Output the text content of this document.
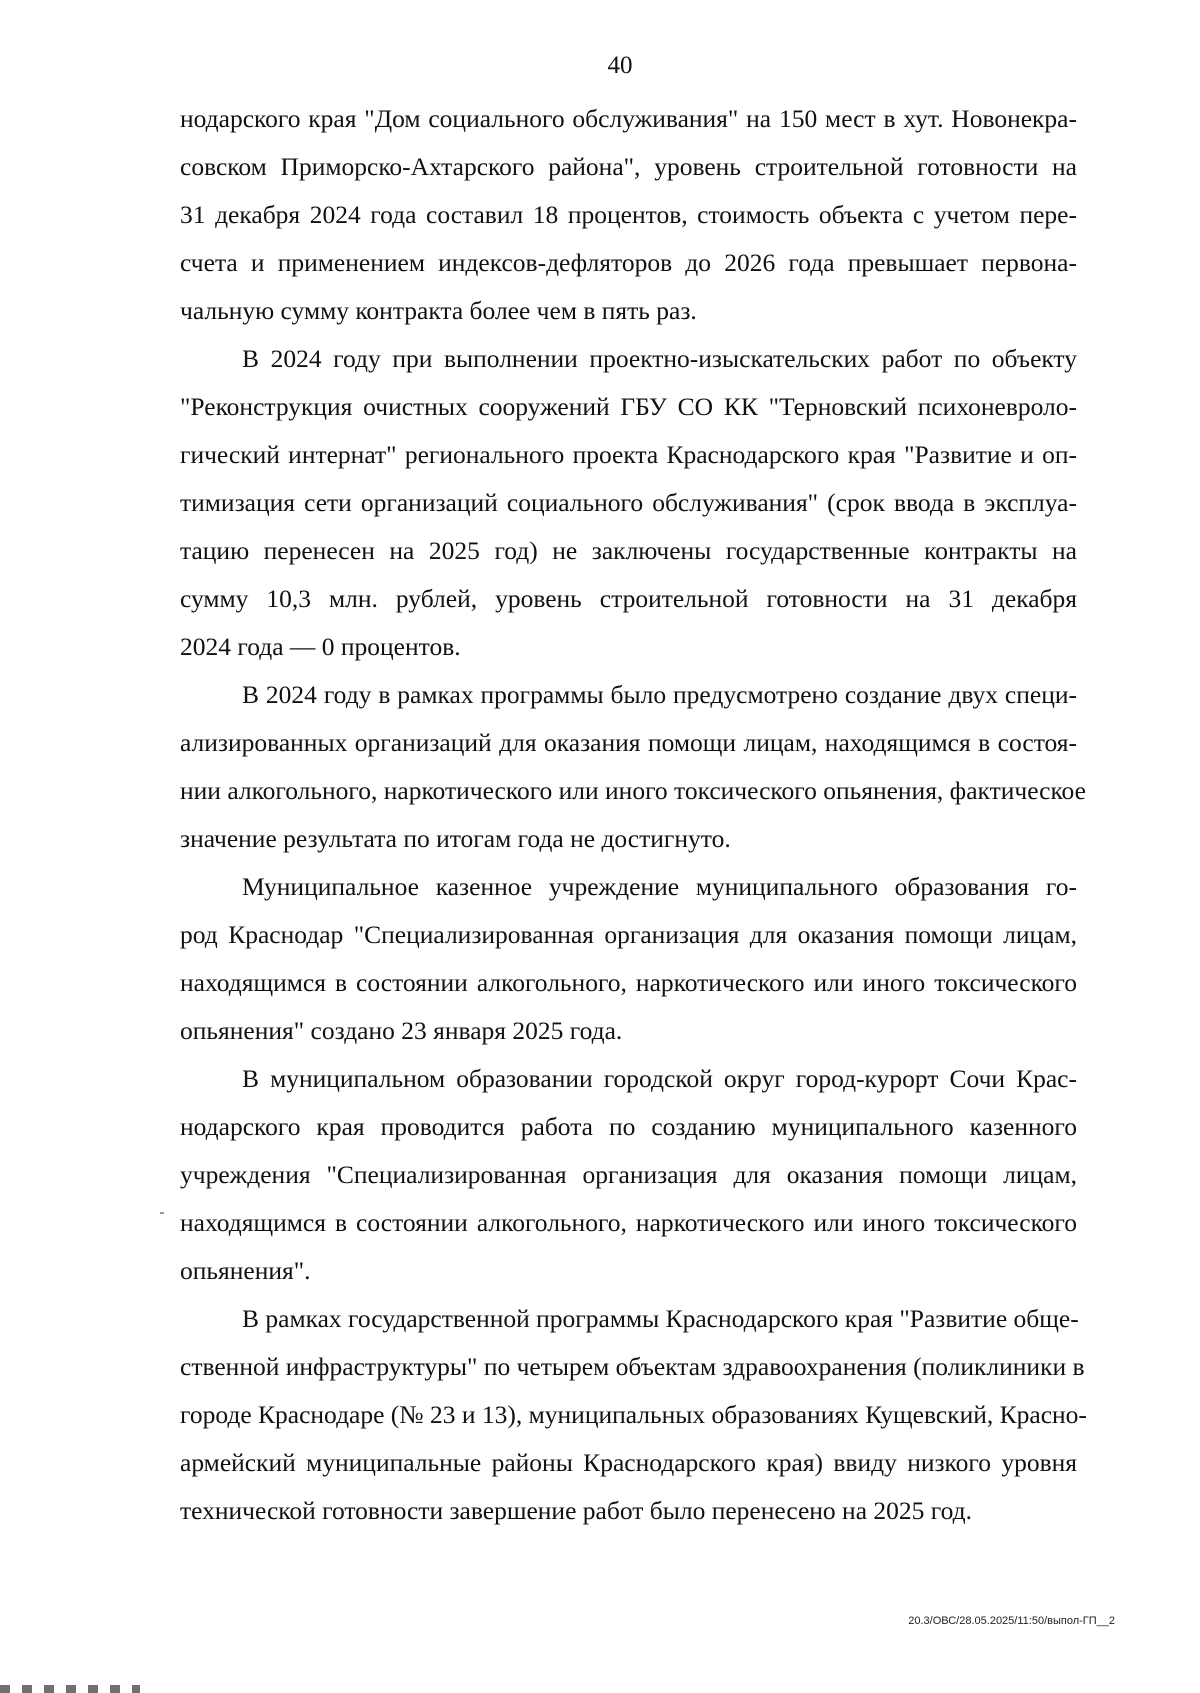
40
нодарского края "Дом социального обслуживания" на 150 мест в хут. Новонекра-
совском Приморско-Ахтарского района", уровень строительной готовности на
31 декабря 2024 года составил 18 процентов, стоимость объекта с учетом пере-
счета и применением индексов-дефляторов до 2026 года превышает первона-
чальную сумму контракта более чем в пять раз.
В 2024 году при выполнении проектно-изыскательских работ по объекту
"Реконструкция очистных сооружений ГБУ СО КК "Терновский психоневроло-
гический интернат" регионального проекта Краснодарского края "Развитие и оп-
тимизация сети организаций социального обслуживания" (срок ввода в эксплуа-
тацию перенесен на 2025 год) не заключены государственные контракты на
сумму 10,3 млн. рублей, уровень строительной готовности на 31 декабря
2024 года — 0 процентов.
В 2024 году в рамках программы было предусмотрено создание двух специ-
ализированных организаций для оказания помощи лицам, находящимся в состоя-
нии алкогольного, наркотического или иного токсического опьянения, фактическое
значение результата по итогам года не достигнуто.
Муниципальное казенное учреждение муниципального образования го-
род Краснодар "Специализированная организация для оказания помощи лицам,
находящимся в состоянии алкогольного, наркотического или иного токсического
опьянения" создано 23 января 2025 года.
В муниципальном образовании городской округ город-курорт Сочи Крас-
нодарского края проводится работа по созданию муниципального казенного
учреждения "Специализированная организация для оказания помощи лицам,
находящимся в состоянии алкогольного, наркотического или иного токсического
опьянения".
В рамках государственной программы Краснодарского края "Развитие обще-
ственной инфраструктуры" по четырем объектам здравоохранения (поликлиники в
городе Краснодаре (№ 23 и 13), муниципальных образованиях Кущевский, Красно-
армейский муниципальные районы Краснодарского края) ввиду низкого уровня
технической готовности завершение работ было перенесено на 2025 год.
20.3/ОВС/28.05.2025/11:50/выпол-ГП__2
